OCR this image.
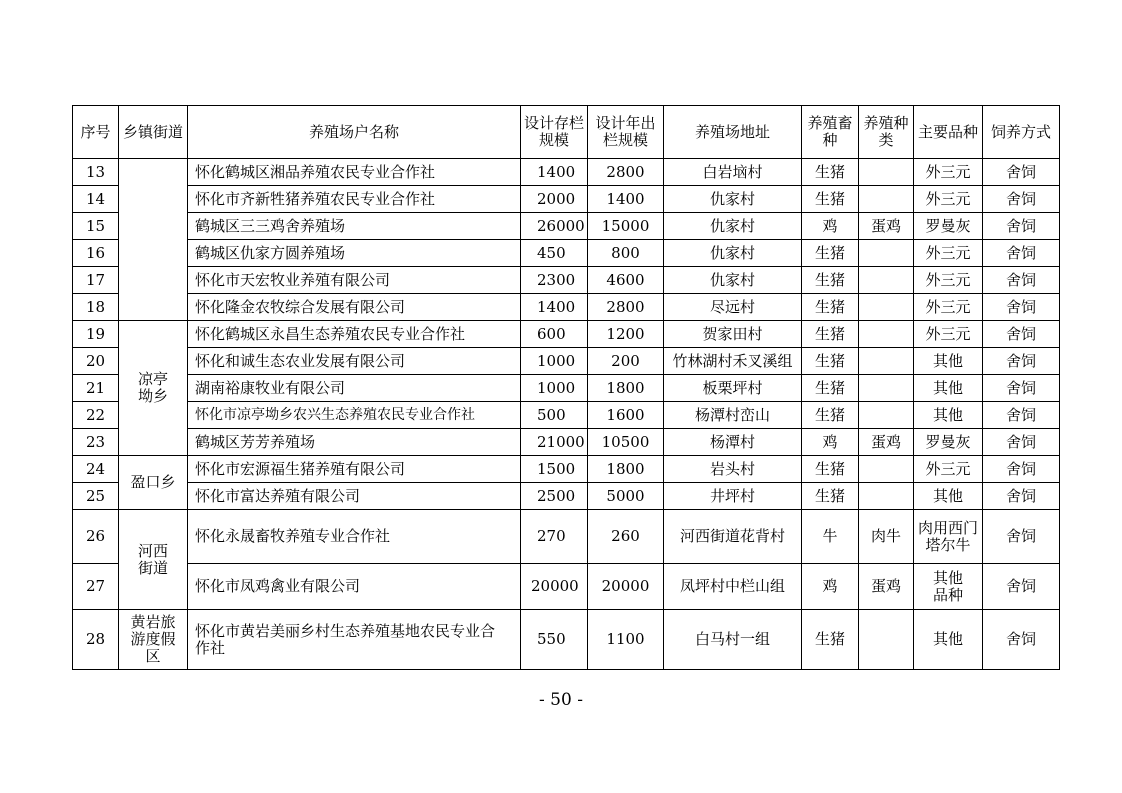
序号	乡镇街道	养殖场户名称	设计存栏规模	设计年出栏规模	养殖场地址	养殖畜种	养殖种类	主要品种	饲养方式
13		怀化鹤城区湘品养殖农民专业合作社	1400	2800	白岩垴村	生猪		外三元	舍饲
14		怀化市齐新牲猪养殖农民专业合作社	2000	1400	仇家村	生猪		外三元	舍饲
15		鹤城区三三鸡舍养殖场	26000	15000	仇家村	鸡	蛋鸡	罗曼灰	舍饲
16		鹤城区仇家方圆养殖场	450	800	仇家村	生猪		外三元	舍饲
17		怀化市天宏牧业养殖有限公司	2300	4600	仇家村	生猪		外三元	舍饲
18		怀化隆金农牧综合发展有限公司	1400	2800	尽远村	生猪		外三元	舍饲
19	凉亭坳乡	怀化鹤城区永昌生态养殖农民专业合作社	600	1200	贺家田村	生猪		外三元	舍饲
20		怀化和诚生态农业发展有限公司	1000	200	竹林湖村禾叉溪组	生猪		其他	舍饲
21		湖南裕康牧业有限公司	1000	1800	板栗坪村	生猪		其他	舍饲
22		怀化市凉亭坳乡农兴生态养殖农民专业合作社	500	1600	杨潭村峦山	生猪		其他	舍饲
23		鹤城区芳芳养殖场	21000	10500	杨潭村	鸡	蛋鸡	罗曼灰	舍饲
24	盈口乡	怀化市宏源福生猪养殖有限公司	1500	1800	岩头村	生猪		外三元	舍饲
25		怀化市富达养殖有限公司	2500	5000	井坪村	生猪		其他	舍饲
26	河西街道	怀化永晟畜牧养殖专业合作社	270	260	河西街道花背村	牛	肉牛	肉用西门塔尔牛	舍饲
27		怀化市凤鸡禽业有限公司	20000	20000	凤坪村中栏山组	鸡	蛋鸡	其他品种	舍饲
28	黄岩旅游度假区	怀化市黄岩美丽乡村生态养殖基地农民专业合作社	550	1100	白马村一组	生猪		其他	舍饲
- 50 -
